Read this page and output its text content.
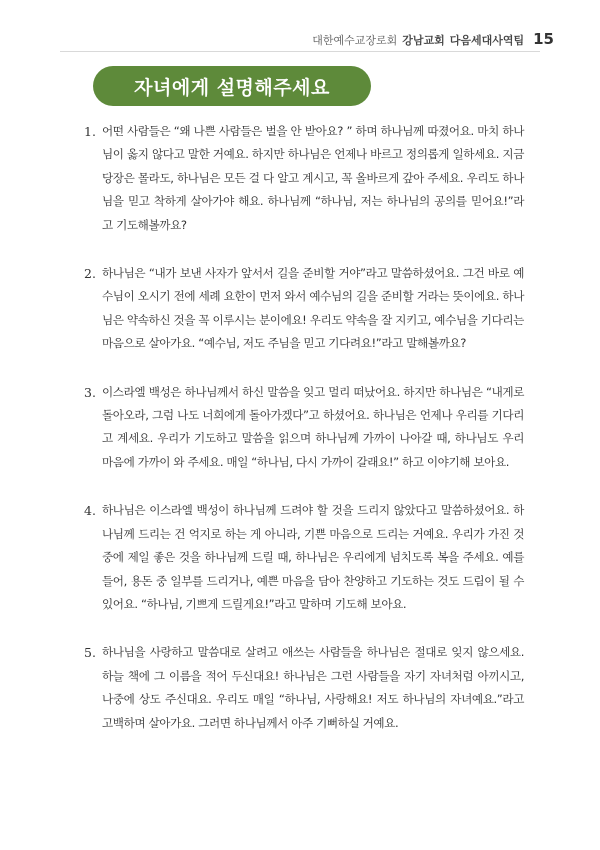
대한예수교장로회 강남교회 다음세대사역팀 15
자녀에게 설명해주세요
1. 어떤 사람들은 “왜 나쁜 사람들은 벌을 안 받아요? ” 하며 하나님께 따졌어요. 마치 하나님이 옳지 않다고 말한 거예요. 하지만 하나님은 언제나 바르고 정의롭게 일하세요. 지금 당장은 몰라도, 하나님은 모든 걸 다 알고 계시고, 꼭 올바르게 갚아 주세요. 우리도 하나님을 믿고 착하게 살아가야 해요. 하나님께 “하나님, 저는 하나님의 공의를 믿어요!”라고 기도해볼까요?
2. 하나님은 “내가 보낸 사자가 앞서서 길을 준비할 거야”라고 말씀하셨어요. 그건 바로 예수님이 오시기 전에 세례 요한이 먼저 와서 예수님의 길을 준비할 거라는 뜻이에요. 하나님은 약속하신 것을 꼭 이루시는 분이에요! 우리도 약속을 잘 지키고, 예수님을 기다리는 마음으로 살아가요. “예수님, 저도 주님을 믿고 기다려요!”라고 말해볼까요?
3. 이스라엘 백성은 하나님께서 하신 말씀을 잊고 멀리 떠났어요. 하지만 하나님은 “내게로 돌아오라, 그럼 나도 너희에게 돌아가겠다”고 하셨어요. 하나님은 언제나 우리를 기다리고 계세요. 우리가 기도하고 말씀을 읽으며 하나님께 가까이 나아갈 때, 하나님도 우리 마음에 가까이 와 주세요. 매일 “하나님, 다시 가까이 갈래요!” 하고 이야기해 보아요.
4. 하나님은 이스라엘 백성이 하나님께 드려야 할 것을 드리지 않았다고 말씀하셨어요. 하나님께 드리는 건 억지로 하는 게 아니라, 기쁜 마음으로 드리는 거예요. 우리가 가진 것 중에 제일 좋은 것을 하나님께 드릴 때, 하나님은 우리에게 넘치도록 복을 주세요. 예를 들어, 용돈 중 일부를 드리거나, 예쁜 마음을 담아 찬양하고 기도하는 것도 드림이 될 수 있어요. “하나님, 기쁘게 드릴게요!”라고 말하며 기도해 보아요.
5. 하나님을 사랑하고 말씀대로 살려고 애쓰는 사람들을 하나님은 절대로 잊지 않으세요. 하늘 책에 그 이름을 적어 두신대요! 하나님은 그런 사람들을 자기 자녀처럼 아끼시고, 나중에 상도 주신대요. 우리도 매일 “하나님, 사랑해요! 저도 하나님의 자녀예요.”라고 고백하며 살아가요. 그러면 하나님께서 아주 기뻐하실 거예요.
